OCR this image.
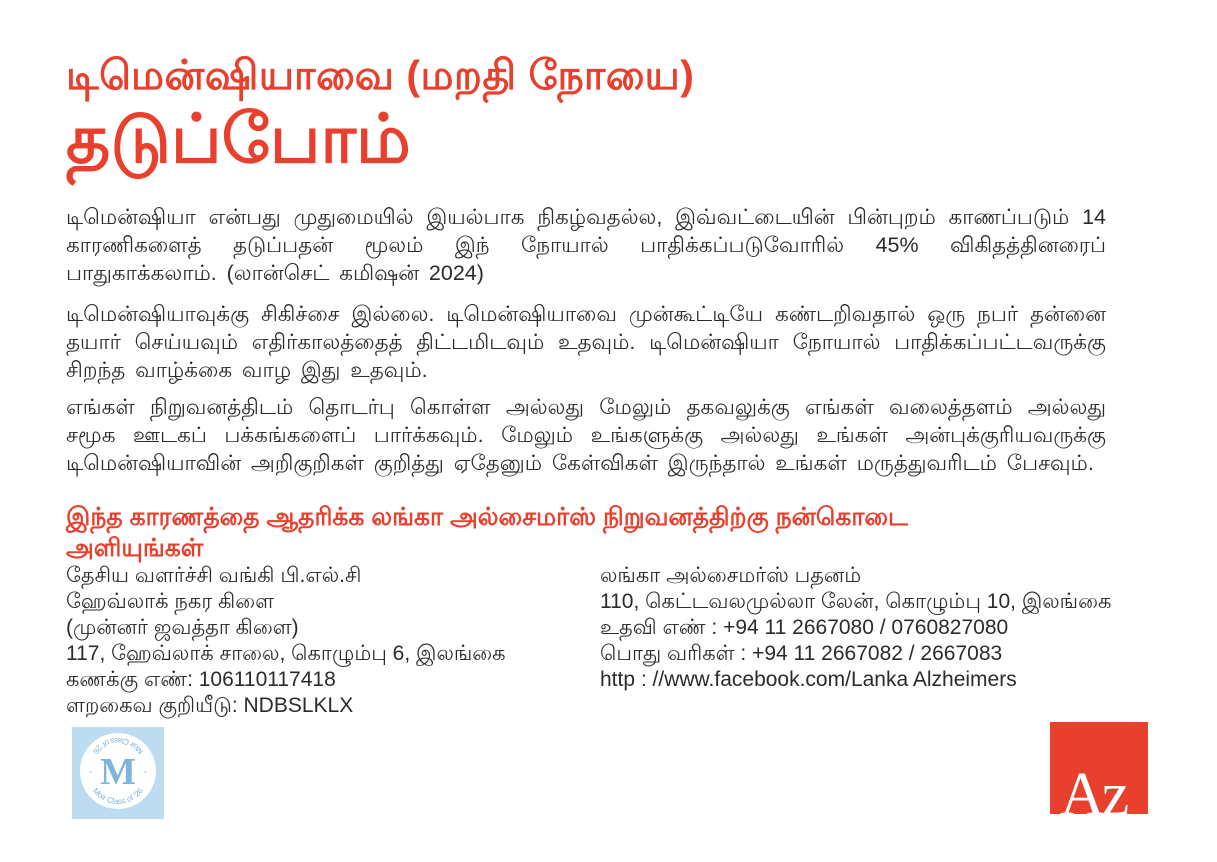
டிமென்ஷியாவை (மறதி நோயை)
தடுப்போம்
டிமென்ஷியா என்பது முதுமையில் இயல்பாக நிகழ்வதல்ல, இவ்வட்டையின் பின்புறம் காணப்படும் 14 காரணிகளைத் தடுப்பதன் மூலம் இந் நோயால் பாதிக்கப்படுவோரில் 45% விகிதத்தினரைப் பாதுகாக்கலாம். (லான்செட் கமிஷன் 2024)
டிமென்ஷியாவுக்கு சிகிச்சை இல்லை. டிமென்ஷியாவை முன்கூட்டியே கண்டறிவதால் ஒரு நபர் தன்னை தயார் செய்யவும் எதிர்காலத்தைத் திட்டமிடவும் உதவும். டிமென்ஷியா நோயால் பாதிக்கப்பட்டவருக்கு சிறந்த வாழ்க்கை வாழ இது உதவும்.
எங்கள் நிறுவனத்திடம் தொடர்பு கொள்ள அல்லது மேலும் தகவலுக்கு எங்கள் வலைத்தளம் அல்லது சமூக ஊடகப் பக்கங்களைப் பார்க்கவும். மேலும் உங்களுக்கு அல்லது உங்கள் அன்புக்குரியவருக்கு டிமென்ஷியாவின் அறிகுறிகள் குறித்து ஏதேனும் கேள்விகள் இருந்தால் உங்கள் மருத்துவரிடம் பேசவும்.
இந்த காரணத்தை ஆதரிக்க லங்கா அல்சைமர்ஸ் நிறுவனத்திற்கு நன்கொடை அளியுங்கள்
தேசிய வளர்ச்சி வங்கி பி.எல்.சி
ஹேவ்லாக் நகர கிளை
(முன்னர் ஜவத்தா கிளை)
117, ஹேவ்லாக் சாலை, கொழும்பு 6, இலங்கை
கணக்கு எண்: 106110117418
ளறகைவ குறியீடு: NDBSLKLX
லங்கா அல்சைமர்ஸ் பதனம்
110, கெட்டவலமுல்லா லேன், கொழும்பு 10, இலங்கை
உதவி எண் : +94 11 2667080 / 0760827080
பொது வரிகள் : +94 11 2667082 / 2667083
http : //www.facebook.com/Lanka Alzheimers
Moir Class of '26
Moir Class of '26 M
-	-	Az
